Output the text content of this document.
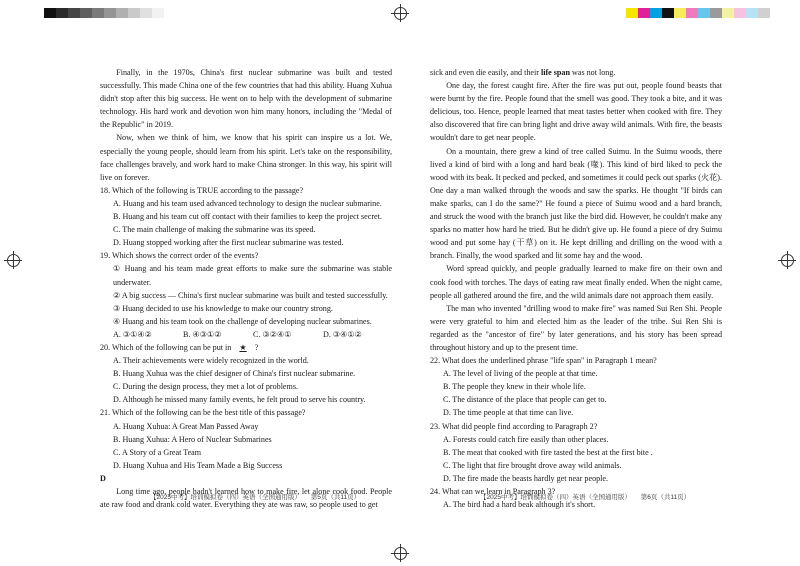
Finally, in the 1970s, China's first nuclear submarine was built and tested successfully. This made China one of the few countries that had this ability. Huang Xuhua didn't stop after this big success. He went on to help with the development of submarine technology. His hard work and devotion won him many honors, including the "Medal of the Republic" in 2019.

Now, when we think of him, we know that his spirit can inspire us a lot. We, especially the young people, should learn from his spirit. Let's take on the responsibility, face challenges bravely, and work hard to make China stronger. In this way, his spirit will live on forever.

18. Which of the following is TRUE according to the passage?

A. Huang and his team used advanced technology to design the nuclear submarine.

B. Huang and his team cut off contact with their families to keep the project secret.

C. The main challenge of making the submarine was its speed.

D. Huang stopped working after the first nuclear submarine was tested.

19. Which shows the correct order of the events?

① Huang and his team made great efforts to make sure the submarine was stable underwater.

② A big success — China's first nuclear submarine was built and tested successfully.

③ Huang decided to use his knowledge to make our country strong.

④ Huang and his team took on the challenge of developing nuclear submarines.

A. ③①④②	B. ④③①②	C. ③②④①	D. ③④①②

20. Which of the following can be put in ★ ?

A. Their achievements were widely recognized in the world.

B. Huang Xuhua was the chief designer of China's first nuclear submarine.

C. During the design process, they met a lot of problems.

D. Although he missed many family events, he felt proud to serve his country.

21. Which of the following can be the best title of this passage?

A. Huang Xuhua: A Great Man Passed Away

B. Huang Xuhua: A Hero of Nuclear Submarines

C. A Story of a Great Team

D. Huang Xuhua and His Team Made a Big Success

D

Long time ago, people hadn't learned how to make fire, let alone cook food. People ate raw food and drank cold water. Everything they ate was raw, so people used to get

【2025中考】培训模拟卷（四）英语（全国通用版）　　第5页（共11页）

sick and even die easily, and their life span was not long.

One day, the forest caught fire. After the fire was put out, people found beasts that were burnt by the fire. People found that the smell was good. They took a bite, and it was delicious, too. Hence, people learned that meat tastes better when cooked with fire. They also discovered that fire can bring light and drive away wild animals. With fire, the beasts wouldn't dare to get near people.

On a mountain, there grew a kind of tree called Suimu. In the Suimu woods, there lived a kind of bird with a long and hard beak (喙). This kind of bird liked to peck the wood with its beak. It pecked and pecked, and sometimes it could peck out sparks (火花). One day a man walked through the woods and saw the sparks. He thought "If birds can make sparks, can I do the same?" He found a piece of Suimu wood and a hard branch, and struck the wood with the branch just like the bird did. However, he couldn't make any sparks no matter how hard he tried. But he didn't give up. He found a piece of dry Suimu wood and put some hay (干草) on it. He kept drilling and drilling on the wood with a branch. Finally, the wood sparked and lit some hay and the wood.

Word spread quickly, and people gradually learned to make fire on their own and cook food with torches. The days of eating raw meat finally ended. When the night came, people all gathered around the fire, and the wild animals dare not approach them easily.

The man who invented "drilling wood to make fire" was named Sui Ren Shi. People were very grateful to him and elected him as the leader of the tribe. Sui Ren Shi is regarded as the "ancestor of fire" by later generations, and his story has been spread throughout history and up to the present time.

22. What does the underlined phrase "life span" in Paragraph 1 mean?

A. The level of living of the people at that time.

B. The people they knew in their whole life.

C. The distance of the place that people can get to.

D. The time people at that time can live.

23. What did people find according to Paragraph 2?

A. Forests could catch fire easily than other places.

B. The meat that cooked with fire tasted the best at the first bite .

C. The light that fire brought drove away wild animals.

D. The fire made the beasts hardly get near people.

24. What can we learn in Paragraph 3?

A. The bird had a hard beak although it's short.

【2025中考】培训模拟卷（四）英语（全国通用版）　　第6页（共11页）
